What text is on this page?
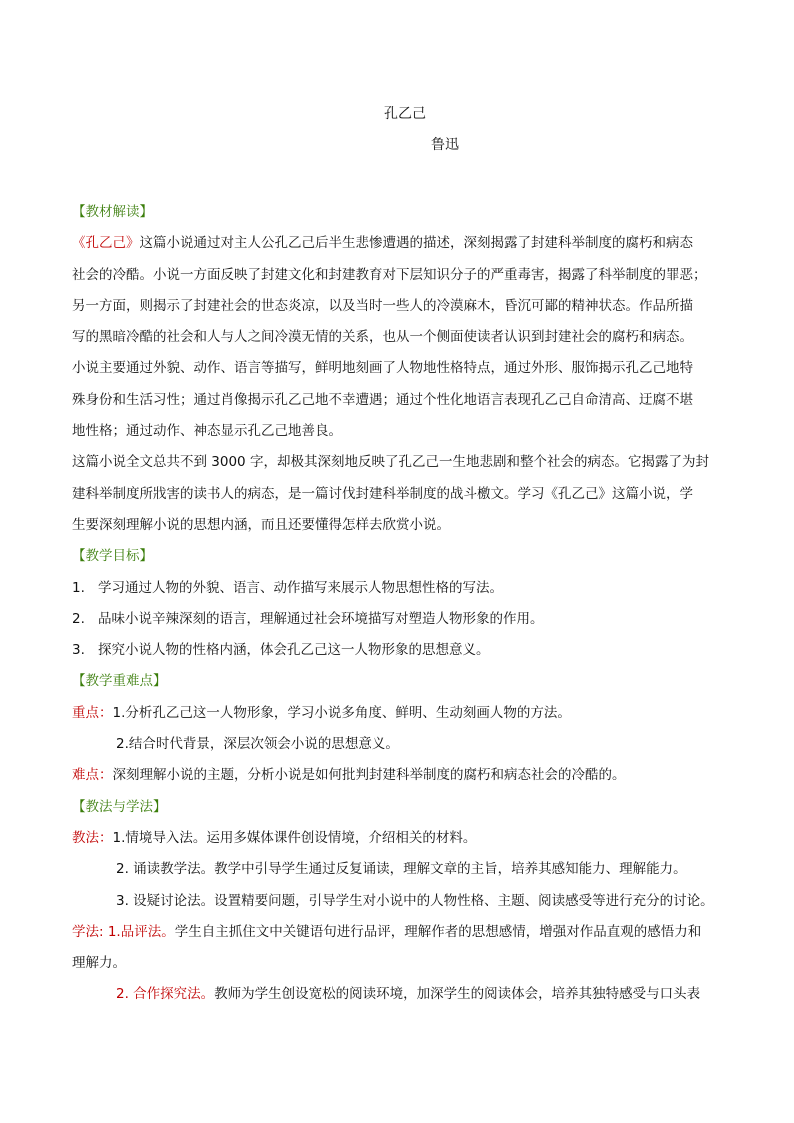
孔乙己
鲁迅

【教材解读】

《孔乙己》这篇小说通过对主人公孔乙己后半生悲惨遭遇的描述，深刻揭露了封建科举制度的腐朽和病态

社会的冷酷。小说一方面反映了封建文化和封建教育对下层知识分子的严重毒害，揭露了科举制度的罪恶；

另一方面，则揭示了封建社会的世态炎凉，以及当时一些人的冷漠麻木，昏沉可鄙的精神状态。作品所描

写的黑暗冷酷的社会和人与人之间冷漠无情的关系，也从一个侧面使读者认识到封建社会的腐朽和病态。

小说主要通过外貌、动作、语言等描写，鲜明地刻画了人物地性格特点，通过外形、服饰揭示孔乙己地特

殊身份和生活习性；通过肖像揭示孔乙己地不幸遭遇；通过个性化地语言表现孔乙己自命清高、迂腐不堪

地性格；通过动作、神态显示孔乙己地善良。

这篇小说全文总共不到 3000 字，却极其深刻地反映了孔乙己一生地悲剧和整个社会的病态。它揭露了为封

建科举制度所戕害的读书人的病态，是一篇讨伐封建科举制度的战斗檄文。学习《孔乙己》这篇小说，学

生要深刻理解小说的思想内涵，而且还要懂得怎样去欣赏小说。

【教学目标】

1. 学习通过人物的外貌、语言、动作描写来展示人物思想性格的写法。
2. 品味小说辛辣深刻的语言，理解通过社会环境描写对塑造人物形象的作用。
3. 探究小说人物的性格内涵，体会孔乙己这一人物形象的思想意义。

【教学重难点】

重点：1.分析孔乙己这一人物形象，学习小说多角度、鲜明、生动刻画人物的方法。

2.结合时代背景，深层次领会小说的思想意义。

难点：深刻理解小说的主题，分析小说是如何批判封建科举制度的腐朽和病态社会的冷酷的。

【教法与学法】

教法：1.情境导入法。运用多媒体课件创设情境，介绍相关的材料。

2. 诵读教学法。教学中引导学生通过反复诵读，理解文章的主旨，培养其感知能力、理解能力。

3. 设疑讨论法。设置精要问题，引导学生对小说中的人物性格、主题、阅读感受等进行充分的讨论。

学法: 1.品评法。学生自主抓住文中关键语句进行品评，理解作者的思想感情，增强对作品直观的感悟力和

理解力。

2. 合作探究法。教师为学生创设宽松的阅读环境，加深学生的阅读体会，培养其独特感受与口头表
